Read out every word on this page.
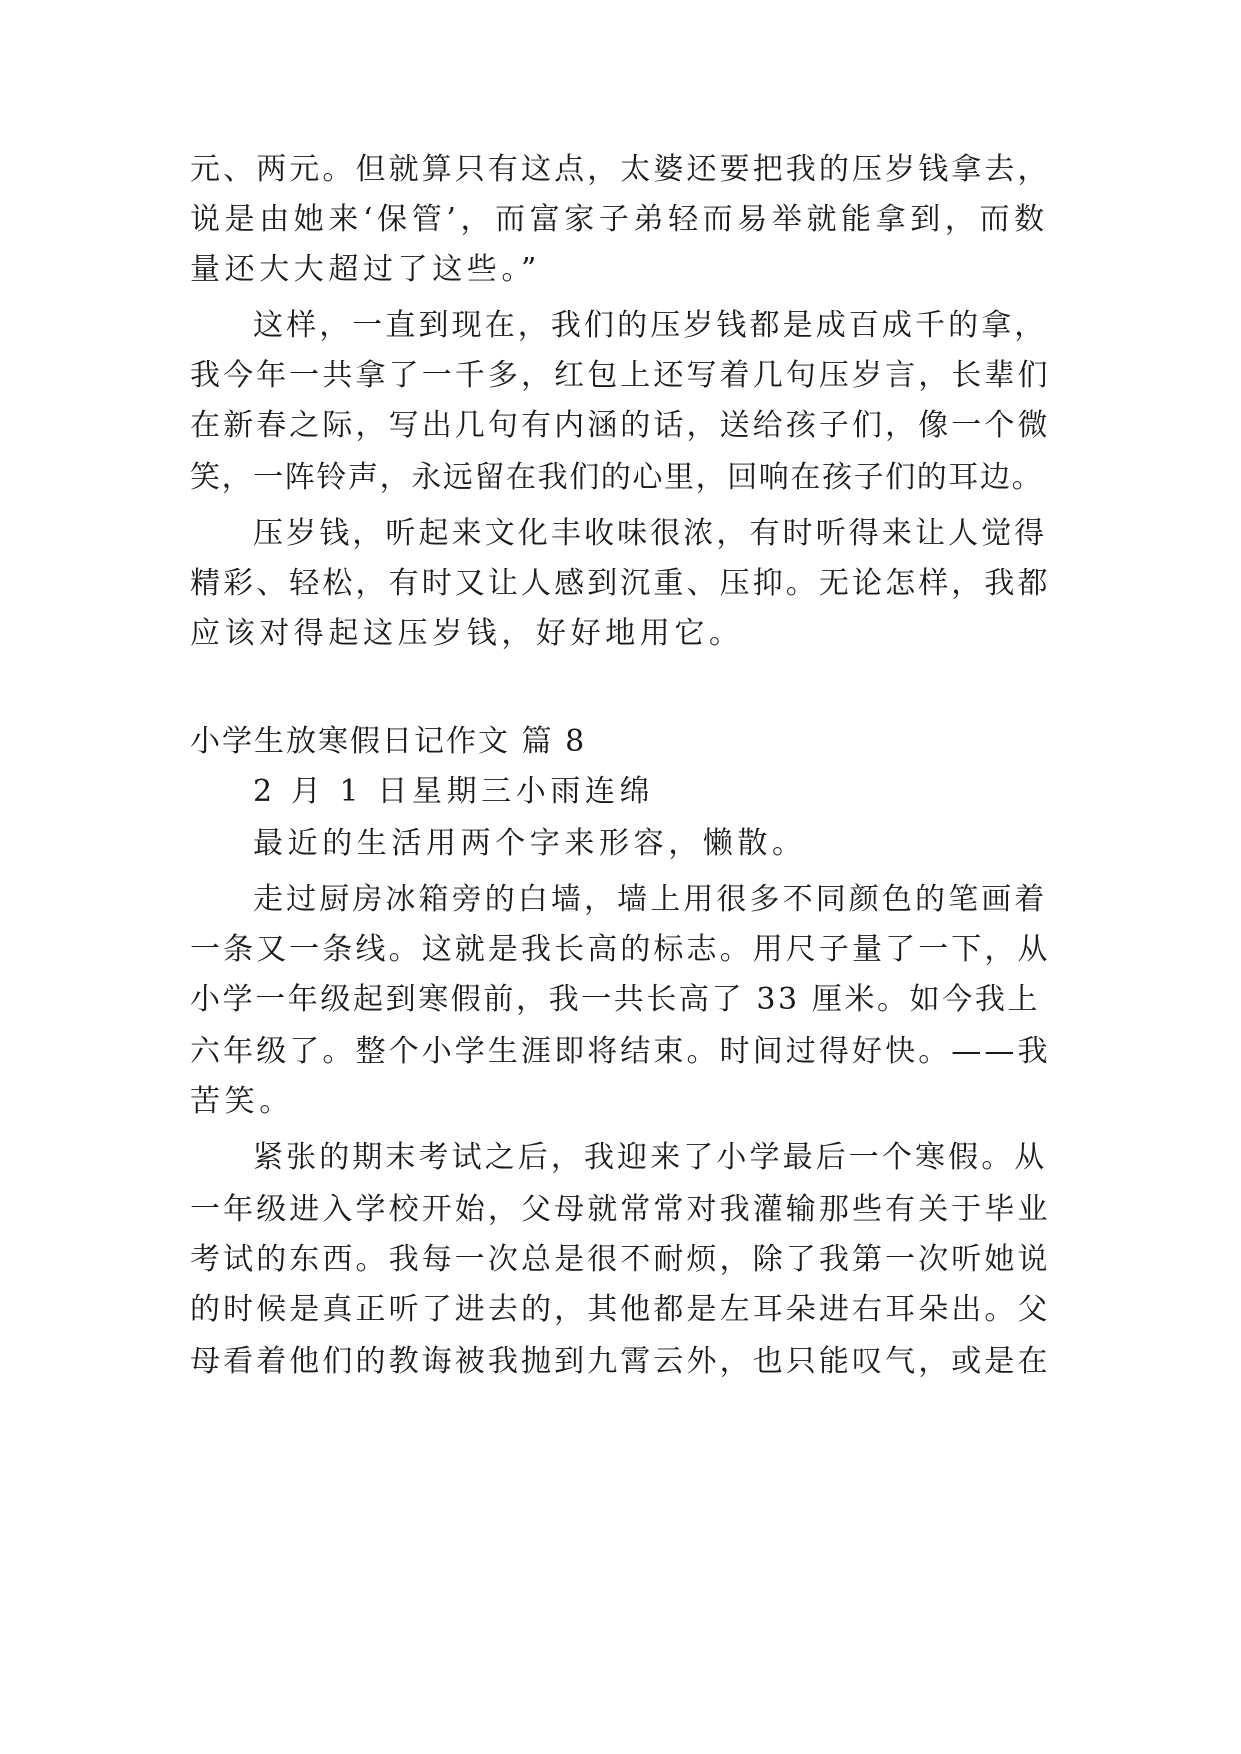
元、两元。但就算只有这点，太婆还要把我的压岁钱拿去，
说是由她来‘保管’，而富家子弟轻而易举就能拿到，而数
量还大大超过了这些。”
这样，一直到现在，我们的压岁钱都是成百成千的拿，
我今年一共拿了一千多，红包上还写着几句压岁言，长辈们
在新春之际，写出几句有内涵的话，送给孩子们，像一个微
笑，一阵铃声，永远留在我们的心里，回响在孩子们的耳边。
压岁钱，听起来文化丰收味很浓，有时听得来让人觉得
精彩、轻松，有时又让人感到沉重、压抑。无论怎样，我都
应该对得起这压岁钱，好好地用它。
小学生放寒假日记作文 篇 8
2 月 1 日星期三小雨连绵
最近的生活用两个字来形容，懒散。
走过厨房冰箱旁的白墙，墙上用很多不同颜色的笔画着
一条又一条线。这就是我长高的标志。用尺子量了一下，从
小学一年级起到寒假前，我一共长高了 33 厘米。如今我上
六年级了。整个小学生涯即将结束。时间过得好快。——我
苦笑。
紧张的期末考试之后，我迎来了小学最后一个寒假。从
一年级进入学校开始，父母就常常对我灌输那些有关于毕业
考试的东西。我每一次总是很不耐烦，除了我第一次听她说
的时候是真正听了进去的，其他都是左耳朵进右耳朵出。父
母看着他们的教诲被我抛到九霄云外，也只能叹气，或是在
